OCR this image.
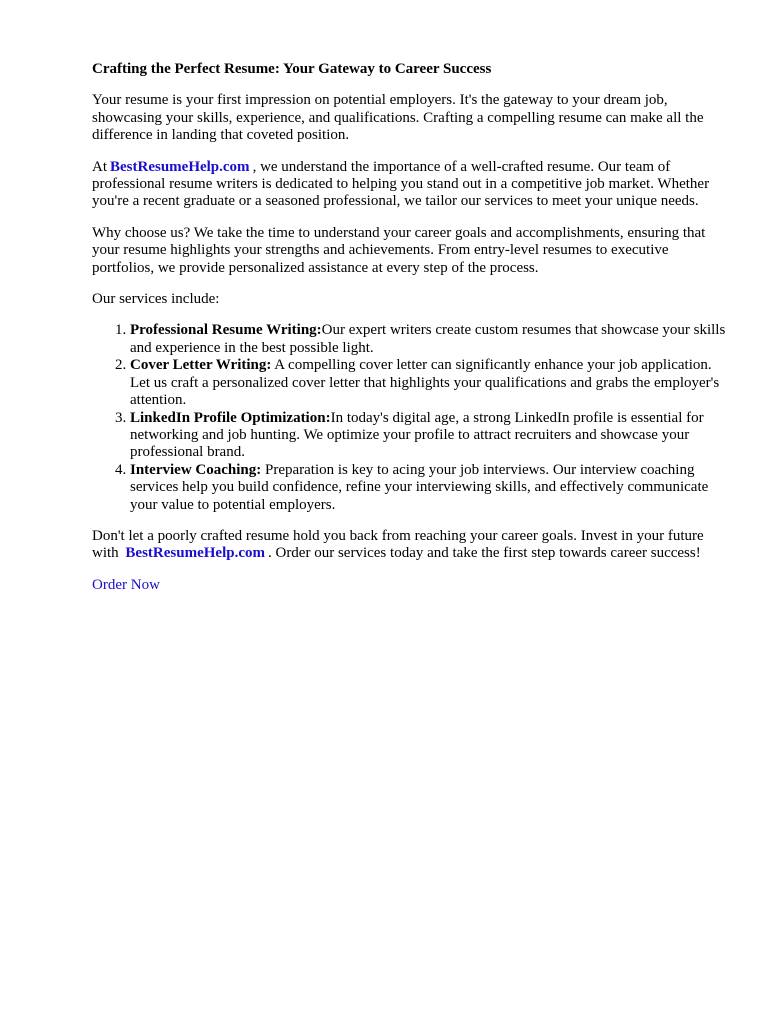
Crafting the Perfect Resume: Your Gateway to Career Success

Your resume is your first impression on potential employers. It's the gateway to your dream job, showcasing your skills, experience, and qualifications. Crafting a compelling resume can make all the difference in landing that coveted position.

At BestResumeHelp.com , we understand the importance of a well-crafted resume. Our team of professional resume writers is dedicated to helping you stand out in a competitive job market. Whether you're a recent graduate or a seasoned professional, we tailor our services to meet your unique needs.

Why choose us? We take the time to understand your career goals and accomplishments, ensuring that your resume highlights your strengths and achievements. From entry-level resumes to executive portfolios, we provide personalized assistance at every step of the process.

Our services include:

1. Professional Resume Writing:Our expert writers create custom resumes that showcase your skills and experience in the best possible light.
2. Cover Letter Writing: A compelling cover letter can significantly enhance your job application. Let us craft a personalized cover letter that highlights your qualifications and grabs the employer's attention.
3. LinkedIn Profile Optimization:In today's digital age, a strong LinkedIn profile is essential for networking and job hunting. We optimize your profile to attract recruiters and showcase your professional brand.
4. Interview Coaching: Preparation is key to acing your job interviews. Our interview coaching services help you build confidence, refine your interviewing skills, and effectively communicate your value to potential employers.

Don't let a poorly crafted resume hold you back from reaching your career goals. Invest in your future with BestResumeHelp.com . Order our services today and take the first step towards career success!

Order Now
